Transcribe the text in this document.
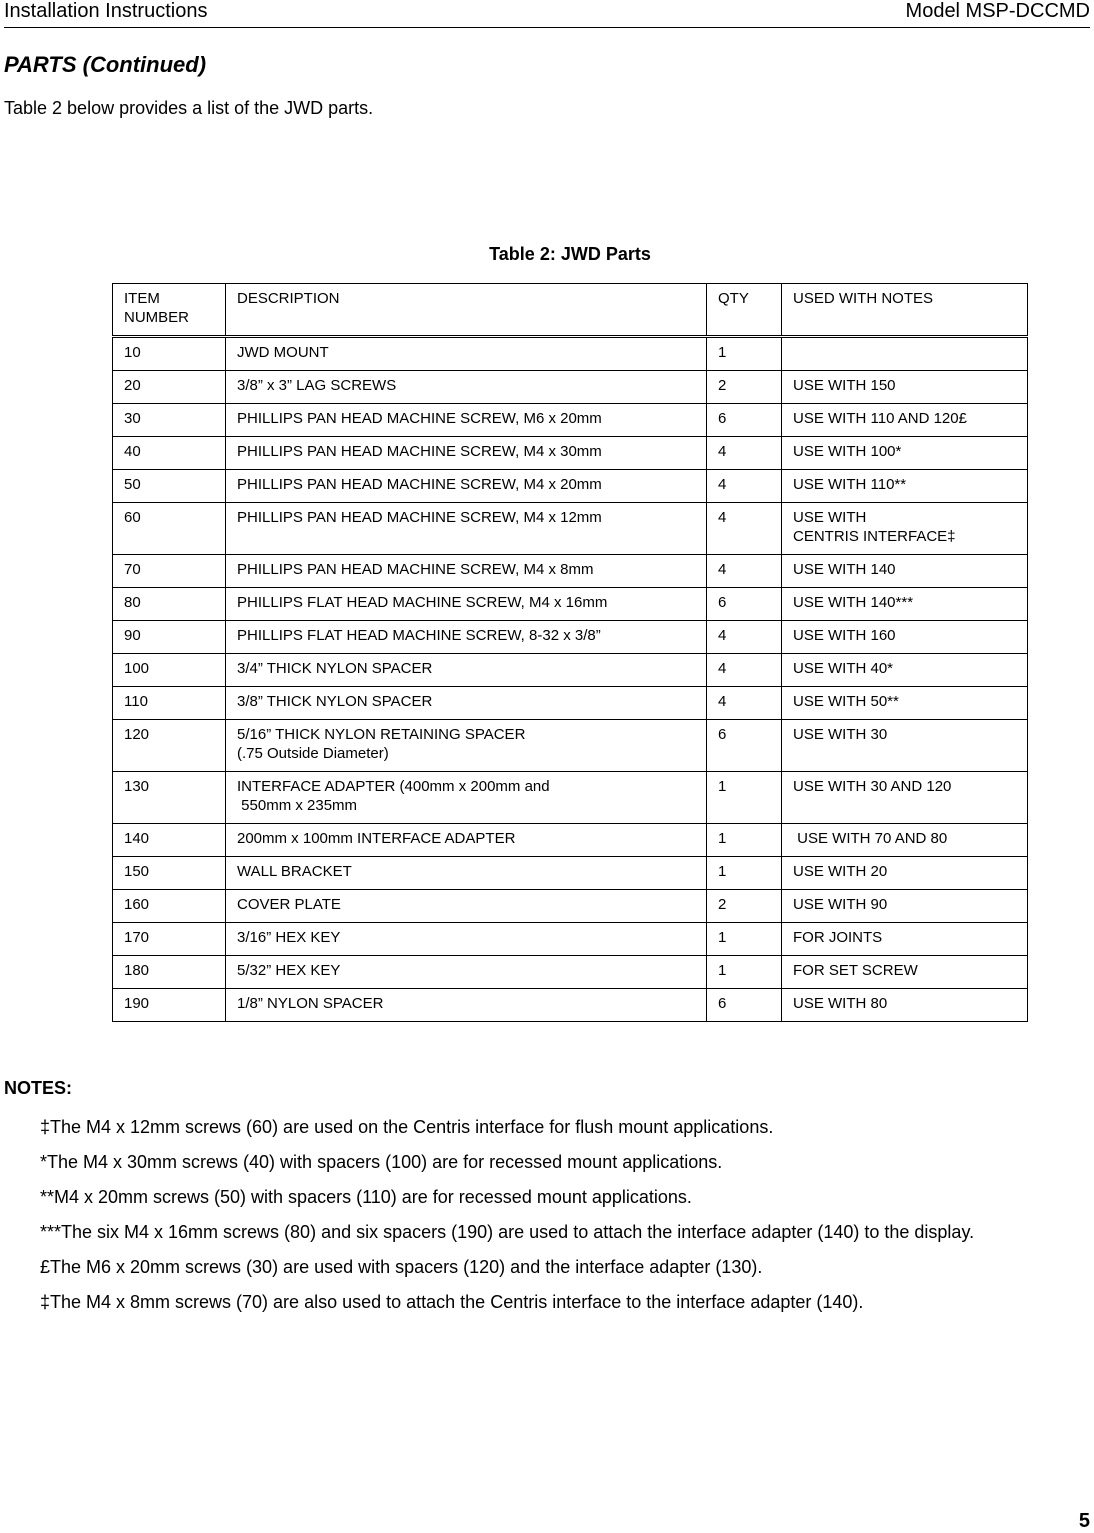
Installation Instructions	Model MSP-DCCMD
PARTS (Continued)
Table 2 below provides a list of the JWD parts.
Table 2: JWD Parts
ITEM NUMBER	DESCRIPTION	QTY	USED WITH NOTES
10	JWD MOUNT	1	
20	3/8” x 3” LAG SCREWS	2	USE WITH 150
30	PHILLIPS PAN HEAD MACHINE SCREW, M6 x 20mm	6	USE WITH 110 AND 120£
40	PHILLIPS PAN HEAD MACHINE SCREW, M4 x 30mm	4	USE WITH 100*
50	PHILLIPS PAN HEAD MACHINE SCREW, M4 x 20mm	4	USE WITH 110**
60	PHILLIPS PAN HEAD MACHINE SCREW, M4 x 12mm	4	USE WITH
CENTRIS INTERFACE‡
70	PHILLIPS PAN HEAD MACHINE SCREW, M4 x 8mm	4	USE WITH 140
80	PHILLIPS FLAT HEAD MACHINE SCREW, M4 x 16mm	6	USE WITH 140***
90	PHILLIPS FLAT HEAD MACHINE SCREW, 8-32 x 3/8”	4	USE WITH 160
100	3/4” THICK NYLON SPACER	4	USE WITH 40*
110	3/8” THICK NYLON SPACER	4	USE WITH 50**
120	5/16” THICK NYLON RETAINING SPACER
(.75 Outside Diameter)	6	USE WITH 30
130	INTERFACE ADAPTER (400mm x 200mm and
550mm x 235mm	1	USE WITH 30 AND 120
140	200mm x 100mm INTERFACE ADAPTER	1	USE WITH 70 AND 80
150	WALL BRACKET	1	USE WITH 20
160	COVER PLATE	2	USE WITH 90
170	3/16” HEX KEY	1	FOR JOINTS
180	5/32” HEX KEY	1	FOR SET SCREW
190	1/8” NYLON SPACER	6	USE WITH 80
NOTES:

‡The M4 x 12mm screws (60) are used on the Centris interface for flush mount applications.

*The M4 x 30mm screws (40) with spacers (100) are for recessed mount applications.

**M4 x 20mm screws (50) with spacers (110) are for recessed mount applications.

***The six M4 x 16mm screws (80) and six spacers (190) are used to attach the interface adapter (140) to the display.

£The M6 x 20mm screws (30) are used with spacers (120) and the interface adapter (130).

‡The M4 x 8mm screws (70) are also used to attach the Centris interface to the interface adapter (140).

5
